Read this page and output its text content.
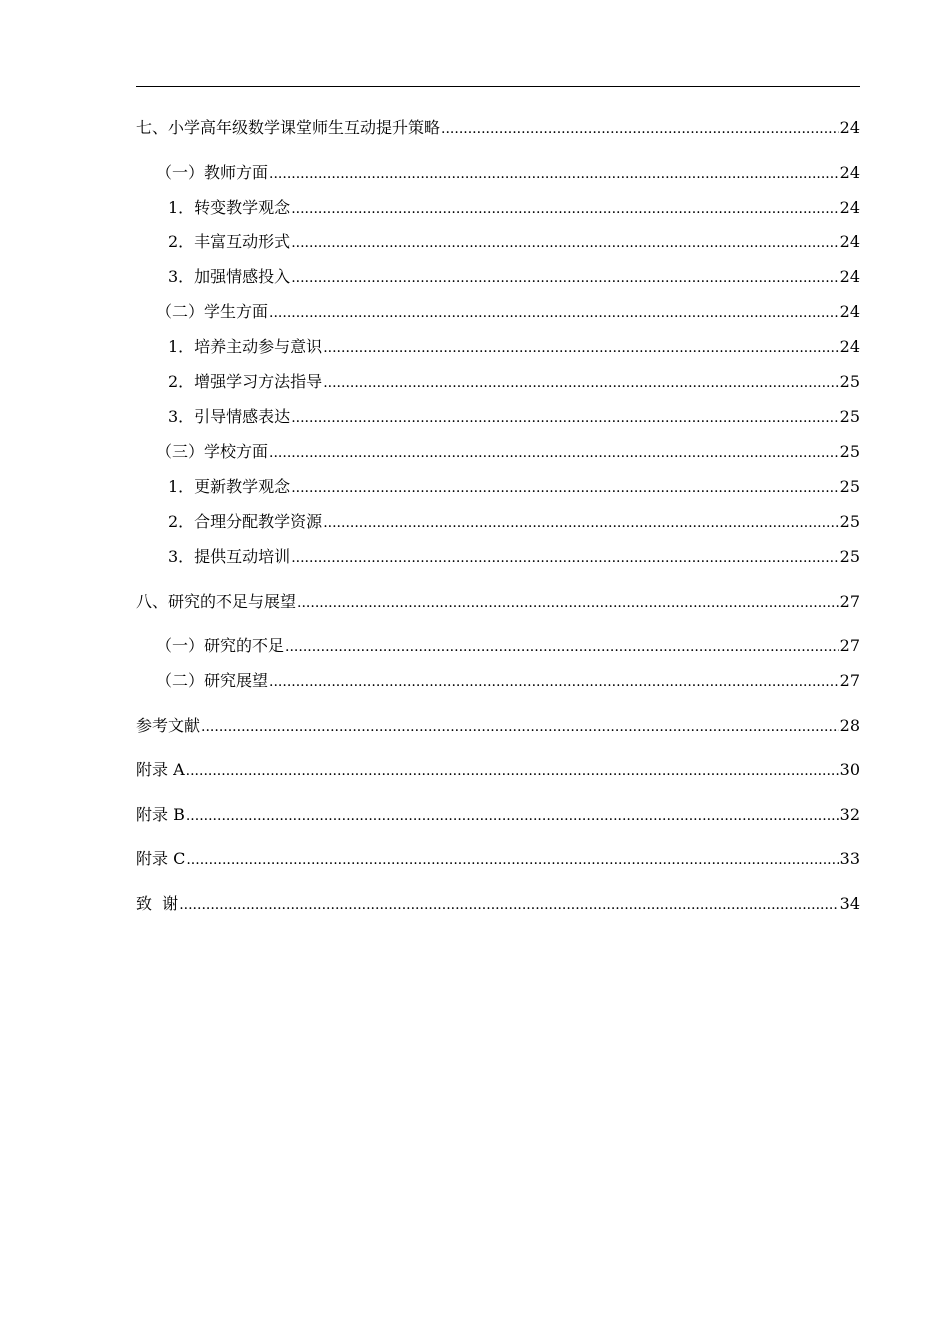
七、小学高年级数学课堂师生互动提升策略 .....	24
（一）教师方面 .....	24
1．转变教学观念 .....	24
2．丰富互动形式 .....	24
3．加强情感投入 .....	24
（二）学生方面 .....	24
1．培养主动参与意识 .....	24
2．增强学习方法指导 .....	25
3．引导情感表达 .....	25
（三）学校方面 .....	25
1．更新教学观念 .....	25
2．合理分配教学资源 .....	25
3．提供互动培训 .....	25
八、研究的不足与展望 .....	27
（一）研究的不足 .....	27
（二）研究展望 .....	27
参考文献 .....	28
附录 A .....	30
附录 B .....	32
附录 C .....	33
致  谢 .....	34
